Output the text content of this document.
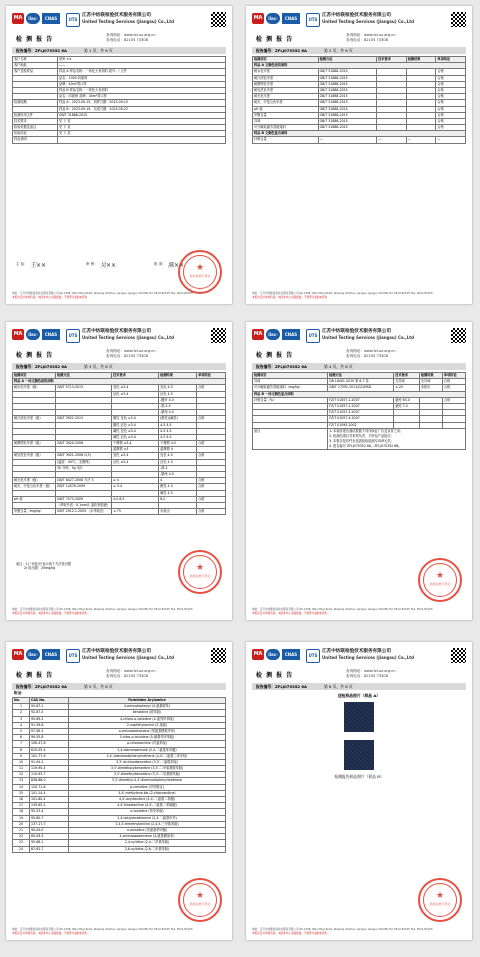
MA	ilac-MRA
CNAS	UTS
江苏中纺联检验技术服务有限公司
United Testing Services (Jiangsu) Co.,Ltd
检 测 报 告
查询网址：www.fzl-xz.org.cn
查询电话：82105 73308
报告编号：ZFLJ075352 6A	第 1 页，共 6 页
客户名称	常州 ××
客户地址	——
客户送检样品	样品 A 样品名称：一体化大布面料 款号：/ 文件
	品名：1000 四面弹
	品牌：40m²剪口样
	样品 B 样品名称：一体化大布面料
	品名：四面弹 品牌：40m²剪口样
检测周期	样品 A：2023-09-15，到样日期：2023-09-15
	样品 B：2023-09-19，完成日期：2023-09-22
检测所用文件	GB/T 31888-2015
技术要求	见 下 页
检验依据及备注	见 下 页
检验结论	见 下 页
样品说明	
主 检： 王××	审 核： 吴××	批 准： 陈××	★
检验检测专用章
地址：江苏中纺联检验技术服务有限公司 No.1258, Wan Ming Road, Wujiang Xinzhen, Jiangsu, Jiangsu 215200 Tel: 0512-82105 Fax: 0512-82105
本报告仅对来样负责，未经本中心书面批准，不得部分复制本报告
MA	ilac-MRA
CNAS	UTS
江苏中纺联检验技术服务有限公司
United Testing Services (Jiangsu) Co.,Ltd
检 测 报 告
查询网址：www.fzl-xz.org.cn
查询电话：82105 73308
报告编号：ZFLJ075352 6A	第 2 页，共 6 页
检测项目	检测方法	技术要求	检测结果	单项结论
样品 A 文胸色纺织面料				
耐水色牢度	GB/T 31888-2015			合格
耐汗渍色牢度	GB/T 31888-2015			合格
耐摩擦色牢度	GB/T 31888-2015			合格
耐皂洗色牢度	GB/T 31888-2015			合格
耐光色牢度	GB/T 31888-2015			合格
耐光、汗复合色牢度	GB/T 31888-2015			合格
pH 值	GB/T 31888-2015			合格
甲醛含量	GB/T 31888-2015			合格
异味	GB/T 31888-2015			合格
可分解致癌芳香胺染料	GB/T 31888-2015			合格
样品 B 文胸色复合面料				
纤维含量	—	—	—	—
地址：江苏中纺联检验技术服务有限公司 No.1258, Wan Ming Road, Wujiang Xinzhen, Jiangsu, Jiangsu 215200 Tel: 0512-82105 Fax: 0512-82105
本报告仅对来样负责，未经本中心书面批准，不得部分复制本报告
MA	ilac-MRA
CNAS	UTS
江苏中纺联检验技术服务有限公司
United Testing Services (Jiangsu) Co.,Ltd
检 测 报 告
查询网址：www.fzl-xz.org.cn
查询电话：82105 73308
报告编号：ZFLJ075352 6A	第 3 页，共 6 页
检测项目	检测方法	技术要求	检测结果	单项结论
样品 A 一体文胸色纺织面料				
耐水色牢度（级）	GB/T 5713-2013	变色 ≥3-4	变色 4-5	合格
		沾色 ≥3-4	沾色 4-5	
			-醋纤 4-5	
			-棉 4-5	
			-腈纶 4-5	
耐汗渍色牢度（级）	GB/T 3922-2013	酸性 变色 ≥3-4	(酸性)(碱性)	合格
		酸性 沾色 ≥3-4	4-5 4-5	
		碱性 变色 ≥3-4	4-5 4-5	
		碱性 沾色 ≥3-4	4-5 4-5	
耐摩擦色牢度（级）	GB/T 3920-2008	干摩擦 ≥3-4	干摩擦 4-5	合格
		湿摩擦 ≥3	湿摩擦 4	
耐皂洗色牢度（级）	GB/T 3921-2008 C(3)	变色 ≥3-4	变色 4-5	合格
	(温度：40°C，无钢珠)	沾色 ≥3-4	沾色 4-5	
	30 分钟，5g 皂片		-棉 4	
			-腈纶 4-5	
耐光色牢度（级）	GB/T 8427-2008 方法 3	≥ 4	4	合格
耐光、汗复合色牢度（级）	GB/T 14576-2009	≥ 3-4	酸性 4-5	合格
			碱性 4-5	
pH 值	GB/T 7573-2009	4.0-8.5	6.2	合格
	（萃取介质：0.1mol/L 氯化钾溶液）			
甲醛含量（mg/kg）	GB/T 2912.1-2009 （水萃取法）	≤ 75	未检出	合格
备注：1) "未检出"表示低于方法检出限
2) 检出限：20mg/kg	★
检验检测专用章
地址：江苏中纺联检验技术服务有限公司 No.1258, Wan Ming Road, Wujiang Xinzhen, Jiangsu, Jiangsu 215200 Tel: 0512-82105 Fax: 0512-82105
本报告仅对来样负责，未经本中心书面批准，不得部分复制本报告
MA	ilac-MRA
CNAS	UTS
江苏中纺联检验技术服务有限公司
United Testing Services (Jiangsu) Co.,Ltd
检 测 报 告
查询网址：www.fzl-xz.org.cn
查询电话：82105 73308
报告编号：ZFLJ075352 6A	第 4 页，共 6 页
检测项目	检测方法	技术要求	检测结果	单项结论
异味	GB 18401-2010 第 6.7 条	无异味	无异味	合格
可分解致癌芳香胺染料（mg/kg）	GB/T 17592-2011/GC/MSD	≤ 20	未检出	合格
样品 B 一体文胸色复合面料				
纤维含量（%）	FZ/T 01057.1-2007	氨纶 83.0		合格
	FZ/T 01057.2-2007	氨纶 7.0		
	FZ/T 01057.3-2007			
	FZ/T 01057.4-2007			
	FZ/T 01095-2002			
备注	1. 本检验报告测试数据不得作商业广告及宣传之用；
2. 检测结果仅对来样负责，不涉及产品批次；
3. 本报告复印件未加盖检验检测专用章无效；
4. 报告编号 ZFLJ075352 6A，ZFLJ075352 6B。			
★
检验检测专用章
地址：江苏中纺联检验技术服务有限公司 No.1258, Wan Ming Road, Wujiang Xinzhen, Jiangsu, Jiangsu 215200 Tel: 0512-82105 Fax: 0512-82105
本报告仅对来样负责，未经本中心书面批准，不得部分复制本报告
MA	ilac-MRA
CNAS	UTS
江苏中纺联检验技术服务有限公司
United Testing Services (Jiangsu) Co.,Ltd
检 测 报 告
查询网址：www.fzl-xz.org.cn
查询电话：82105 73308
报告编号：ZFLJ075352 6A	第 5 页，共 6 页
附录：
No.	CAS No.	Forbidden Arylamine
1	92-67-1	4-aminobiphenyl (4-氨基联苯)
2	92-87-5	benzidine (联苯胺)
3	95-69-2	4-chloro-o-toluidine (4-氯邻甲苯胺)
4	91-59-8	2-naphthylamine (2-萘胺)
5	97-56-3	o-aminoazotoluene (邻氨基偶氮甲苯)
6	99-55-8	5-nitro-o-toluidine (5-硝基邻甲苯胺)
7	106-47-8	p-chloroaniline (对氯苯胺)
8	615-05-4	2,4-diaminoanisole (2,4-二氨基苯甲醚)
9	101-77-9	4,4'-diaminodiphenylmethane (4,4'-二氨基二苯甲烷)
10	91-94-1	3,3'-dichlorobenzidine (3,3'-二氯联苯胺)
11	119-90-4	3,3'-dimethoxybenzidine (3,3'-二甲氧基联苯胺)
12	119-93-7	3,3'-dimethylbenzidine (3,3'-二甲基联苯胺)
13	838-88-0	3,3'-dimethyl-4,4'-diaminodiphenylmethane
14	120-71-8	p-cresidine (对甲酚定)
15	101-14-4	4,4'-methylene-bis-(2-chloroaniline)
16	101-80-4	4,4'-oxydianiline (4,4'-二氨基二苯醚)
17	139-65-1	4,4'-thiodianiline (4,4'-二氨基二苯硫醚)
18	95-53-4	o-toluidine (邻甲苯胺)
19	95-80-7	2,4-toluylenediamine (2,4-二氨基甲苯)
20	137-17-7	2,4,5-trimethylaniline (2,4,5-三甲基苯胺)
21	90-04-0	o-anisidine (邻氨基苯甲醚)
22	60-09-3	4-aminoazobenzene (4-氨基偶氮苯)
23	95-68-1	2,4-xylidine (2,4-二甲基苯胺)
24	87-62-7	2,6-xylidine (2,6-二甲基苯胺)
★
检验检测专用章
地址：江苏中纺联检验技术服务有限公司 No.1258, Wan Ming Road, Wujiang Xinzhen, Jiangsu, Jiangsu 215200 Tel: 0512-82105 Fax: 0512-82105
本报告仅对来样负责，未经本中心书面批准，不得部分复制本报告
MA	ilac-MRA
CNAS	UTS
江苏中纺联检验技术服务有限公司
United Testing Services (Jiangsu) Co.,Ltd
检 测 报 告
查询网址：www.fzl-xz.org.cn
查询电话：82105 73308
报告编号：ZFLJ075352 6A	第 6 页，共 6 页
送检样品照片（样品 A）
检测报告样品照片（样品 B）
★
检验检测专用章
地址：江苏中纺联检验技术服务有限公司 No.1258, Wan Ming Road, Wujiang Xinzhen, Jiangsu, Jiangsu 215200 Tel: 0512-82105 Fax: 0512-82105
本报告仅对来样负责，未经本中心书面批准，不得部分复制本报告
